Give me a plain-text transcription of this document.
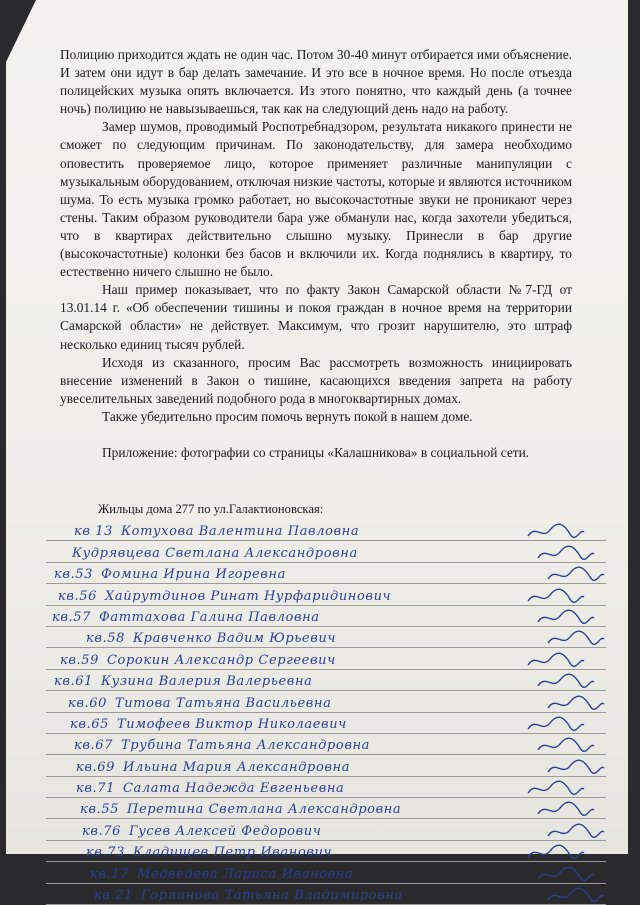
Полицию приходится ждать не один час. Потом 30-40 минут отбирается ими объяснение. И затем они идут в бар делать замечание. И это все в ночное время. Но после отъезда полицейских музыка опять включается. Из этого понятно, что каждый день (а точнее ночь) полицию не навызываешься, так как на следующий день надо на работу.

Замер шумов, проводимый Роспотребнадзором, результата никакого принести не сможет по следующим причинам. По законодательству, для замера необходимо оповестить проверяемое лицо, которое применяет различные манипуляции с музыкальным оборудованием, отключая низкие частоты, которые и являются источником шума. То есть музыка громко работает, но высокочастотные звуки не проникают через стены. Таким образом руководители бара уже обманули нас, когда захотели убедиться, что в квартирах действительно слышно музыку. Принесли в бар другие (высокочастотные) колонки без басов и включили их. Когда поднялись в квартиру, то естественно ничего слышно не было.

Наш пример показывает, что по факту Закон Самарской области №7-ГД от 13.01.14 г. «Об обеспечении тишины и покоя граждан в ночное время на территории Самарской области» не действует. Максимум, что грозит нарушителю, это штраф несколько единиц тысяч рублей.

Исходя из сказанного, просим Вас рассмотреть возможность инициировать внесение изменений в Закон о тишине, касающихся введения запрета на работу увеселительных заведений подобного рода в многоквартирных домах.

Также убедительно просим помочь вернуть покой в нашем доме.

Приложение: фотографии со страницы «Калашникова» в социальной сети.

Жильцы дома 277 по ул.Галактионовская:
кв 13 Котухова Валентина Павловна
Кудрявцева Светлана Александровна
кв.53 Фомина Ирина Игоревна
кв.56 Хайрутдинов Ринат Нурфаридинович
кв.57 Фаттахова Галина Павловна
кв.58 Кравченко Вадим Юрьевич
кв.59 Сорокин Александр Сергеевич
кв.61 Кузина Валерия Валерьевна
кв.60 Титова Татьяна Васильевна
кв.65 Тимофеев Виктор Николаевич
кв.67 Трубина Татьяна Александровна
кв.69 Ильина Мария Александровна
кв.71 Салата Надежда Евгеньевна
кв.55 Перетина Светлана Александровна
кв.76 Гусев Алексей Федорович
кв.73 Кладищев Петр Иванович
кв.17 Медведева Лариса Ивановна
кв.21 Горяинова Татьяна Владимировна
